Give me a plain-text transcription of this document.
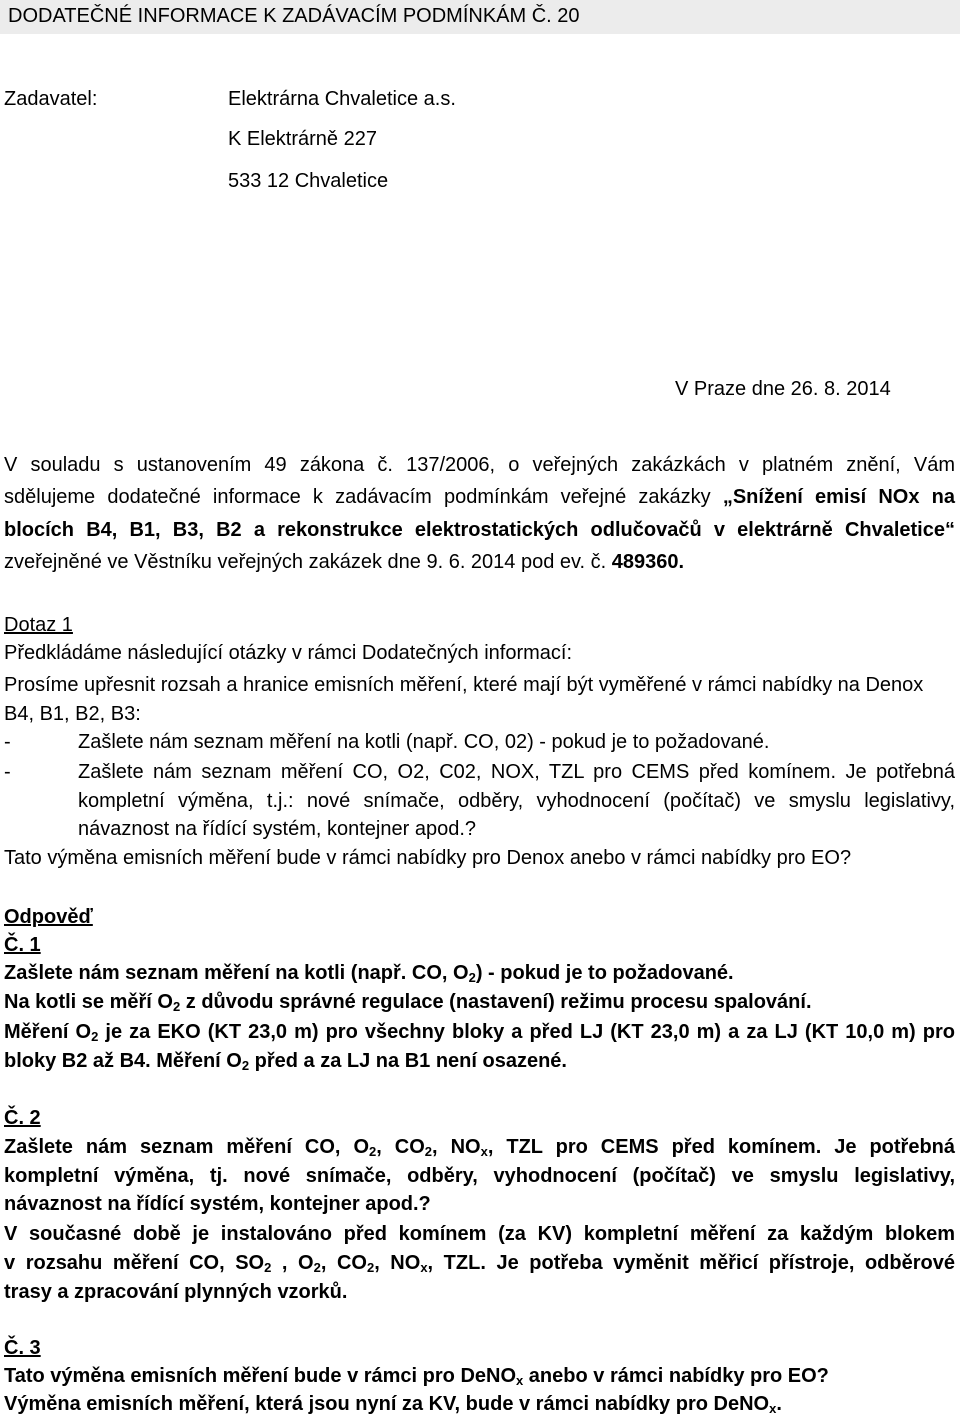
DODATEČNÉ INFORMACE K ZADÁVACÍM PODMÍNKÁM Č. 20
Zadavatel:	Elektrárna Chvaletice a.s.
K Elektrárně 227
533 12 Chvaletice
V Praze dne 26. 8. 2014
V souladu s ustanovením 49 zákona č. 137/2006, o veřejných zakázkách v platném znění, Vám
sdělujeme dodatečné informace k zadávacím podmínkám veřejné zakázky „Snížení emisí NOx na
blocích B4, B1, B3, B2 a rekonstrukce elektrostatických odlučovačů v elektrárně Chvaletice“
zveřejněné ve Věstníku veřejných zakázek dne 9. 6. 2014 pod ev. č. 489360.
Dotaz 1
Předkládáme následující otázky v rámci Dodatečných informací:
Prosíme upřesnit rozsah a hranice emisních měření, které mají být vyměřené v rámci nabídky na Denox
B4, B1, B2, B3:
-	Zašlete nám seznam měření na kotli (např. CO, 02) - pokud je to požadované.
-	Zašlete nám seznam měření CO, O2, C02, NOX, TZL pro CEMS před komínem. Je potřebná
kompletní výměna, t.j.: nové snímače, odběry, vyhodnocení (počítač) ve smyslu legislativy,
návaznost na řídící systém, kontejner apod.?
Tato výměna emisních měření bude v rámci nabídky pro Denox anebo v rámci nabídky pro EO?
Odpověď
Č. 1
Zašlete nám seznam měření na kotli (např. CO, $O_2$) - pokud je to požadované.
Na kotli se měří $O_2$ z důvodu správné regulace (nastavení) režimu procesu spalování.
Měření $O_2$ je za EKO (KT 23,0 m) pro všechny bloky a před LJ (KT 23,0 m) a za LJ (KT 10,0 m) pro
bloky B2 až B4. Měření $O_2$ před a za LJ na B1 není osazené.
Č. 2
Zašlete nám seznam měření CO, $O_2$, $CO_2$, $NO_x$, TZL pro CEMS před komínem. Je potřebná
kompletní výměna, tj. nové snímače, odběry, vyhodnocení (počítač) ve smyslu legislativy,
návaznost na řídící systém, kontejner apod.?
V současné době je instalováno před komínem (za KV) kompletní měření za každým blokem
v rozsahu měření CO, $SO_2$ , $O_2$, $CO_2$, $NO_x$, TZL. Je potřeba vyměnit měřicí přístroje, odběrové
trasy a zpracování plynných vzorků.
Č. 3
Tato výměna emisních měření bude v rámci pro DeNO$_x$ anebo v rámci nabídky pro EO?
Výměna emisních měření, která jsou nyní za KV, bude v rámci nabídky pro DeNO$_x$.
